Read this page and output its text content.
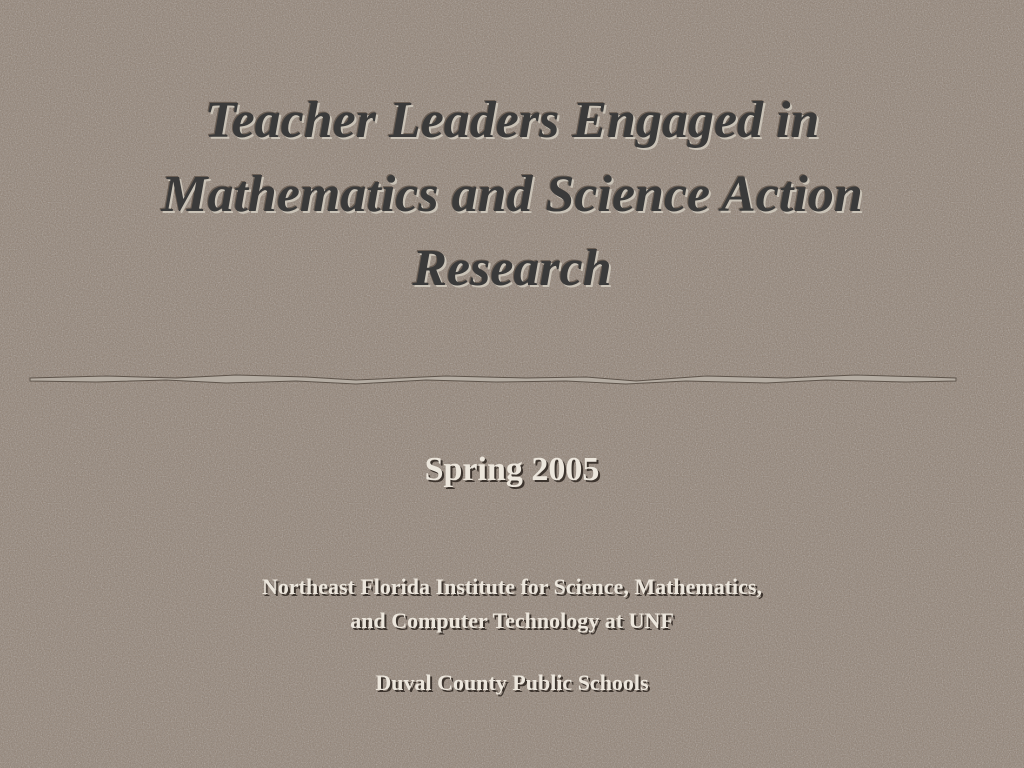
Teacher Leaders Engaged in
Mathematics and Science Action
Research

Spring 2005

Northeast Florida Institute for Science, Mathematics,
and Computer Technology at UNF

Duval County Public Schools
